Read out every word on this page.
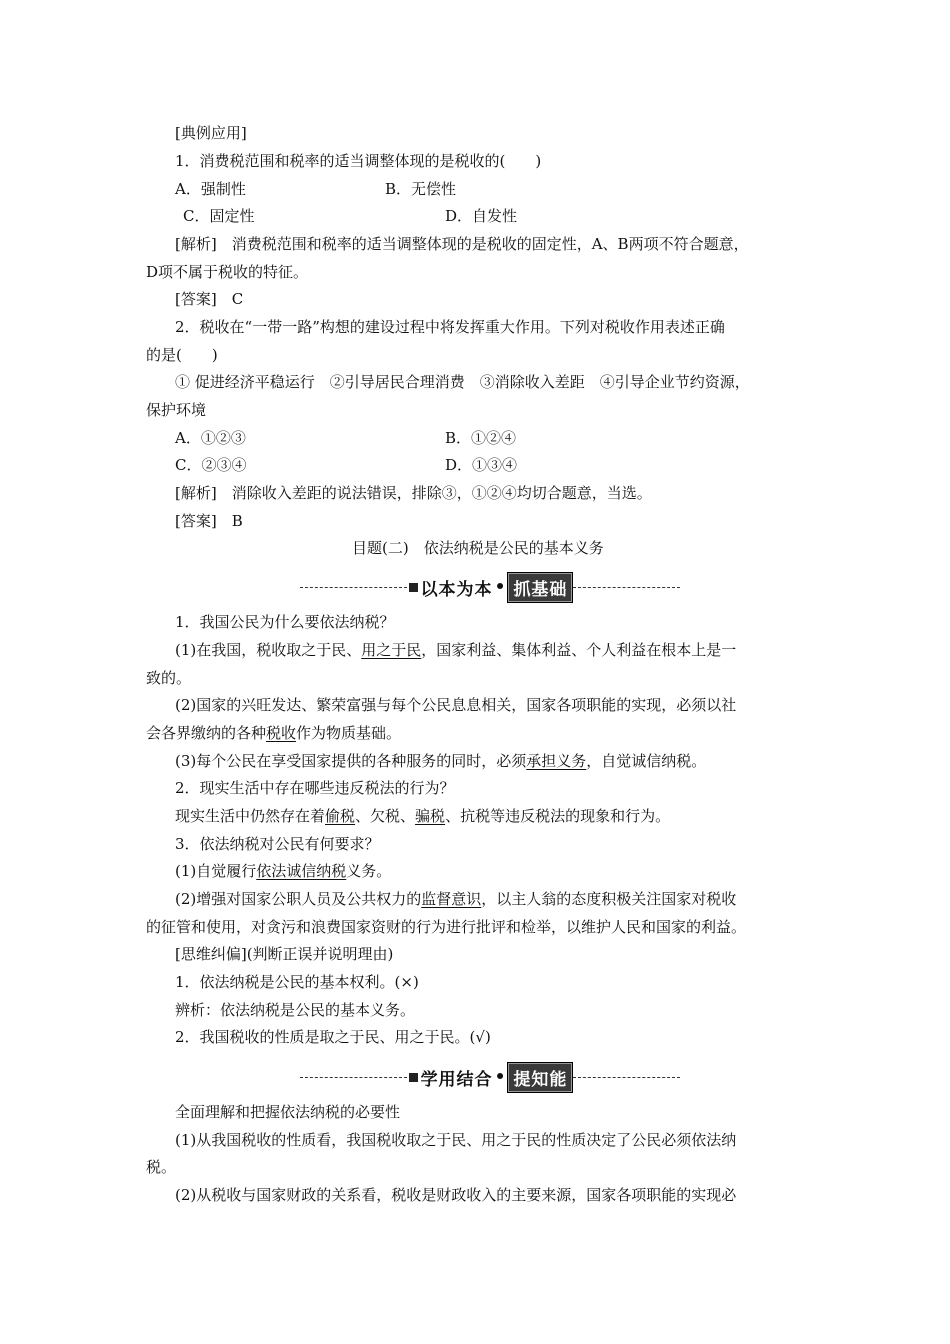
[典例应用]
1．消费税范围和税率的适当调整体现的是税收的(　　)
A．强制性	B．无偿性
C．固定性	D．自发性
[解析]　消费税范围和税率的适当调整体现的是税收的固定性，A、B两项不符合题意，
D项不属于税收的特征。
[答案]　C
2．税收在“一带一路”构想的建设过程中将发挥重大作用。下列对税收作用表述正确
的是(　　)
① 促进经济平稳运行　②引导居民合理消费　③消除收入差距　④引导企业节约资源，
保护环境
A．①②③	B．①②④
C．②③④	D．①③④
[解析]　消除收入差距的说法错误，排除③，①②④均切合题意，当选。
[答案]　B
目题(二)　依法纳税是公民的基本义务
以本为本 • 抓基础
1．我国公民为什么要依法纳税？
(1)在我国，税收取之于民、用之于民，国家利益、集体利益、个人利益在根本上是一
致的。
(2)国家的兴旺发达、繁荣富强与每个公民息息相关，国家各项职能的实现，必须以社
会各界缴纳的各种税收作为物质基础。
(3)每个公民在享受国家提供的各种服务的同时，必须承担义务，自觉诚信纳税。
2．现实生活中存在哪些违反税法的行为？
现实生活中仍然存在着偷税、欠税、骗税、抗税等违反税法的现象和行为。
3．依法纳税对公民有何要求？
(1)自觉履行依法诚信纳税义务。
(2)增强对国家公职人员及公共权力的监督意识，以主人翁的态度积极关注国家对税收
的征管和使用，对贪污和浪费国家资财的行为进行批评和检举，以维护人民和国家的利益。
[思维纠偏](判断正误并说明理由)
1．依法纳税是公民的基本权利。(×)
辨析：依法纳税是公民的基本义务。
2．我国税收的性质是取之于民、用之于民。(√)
学用结合 • 提知能
全面理解和把握依法纳税的必要性
(1)从我国税收的性质看，我国税收取之于民、用之于民的性质决定了公民必须依法纳
税。
(2)从税收与国家财政的关系看，税收是财政收入的主要来源，国家各项职能的实现必
